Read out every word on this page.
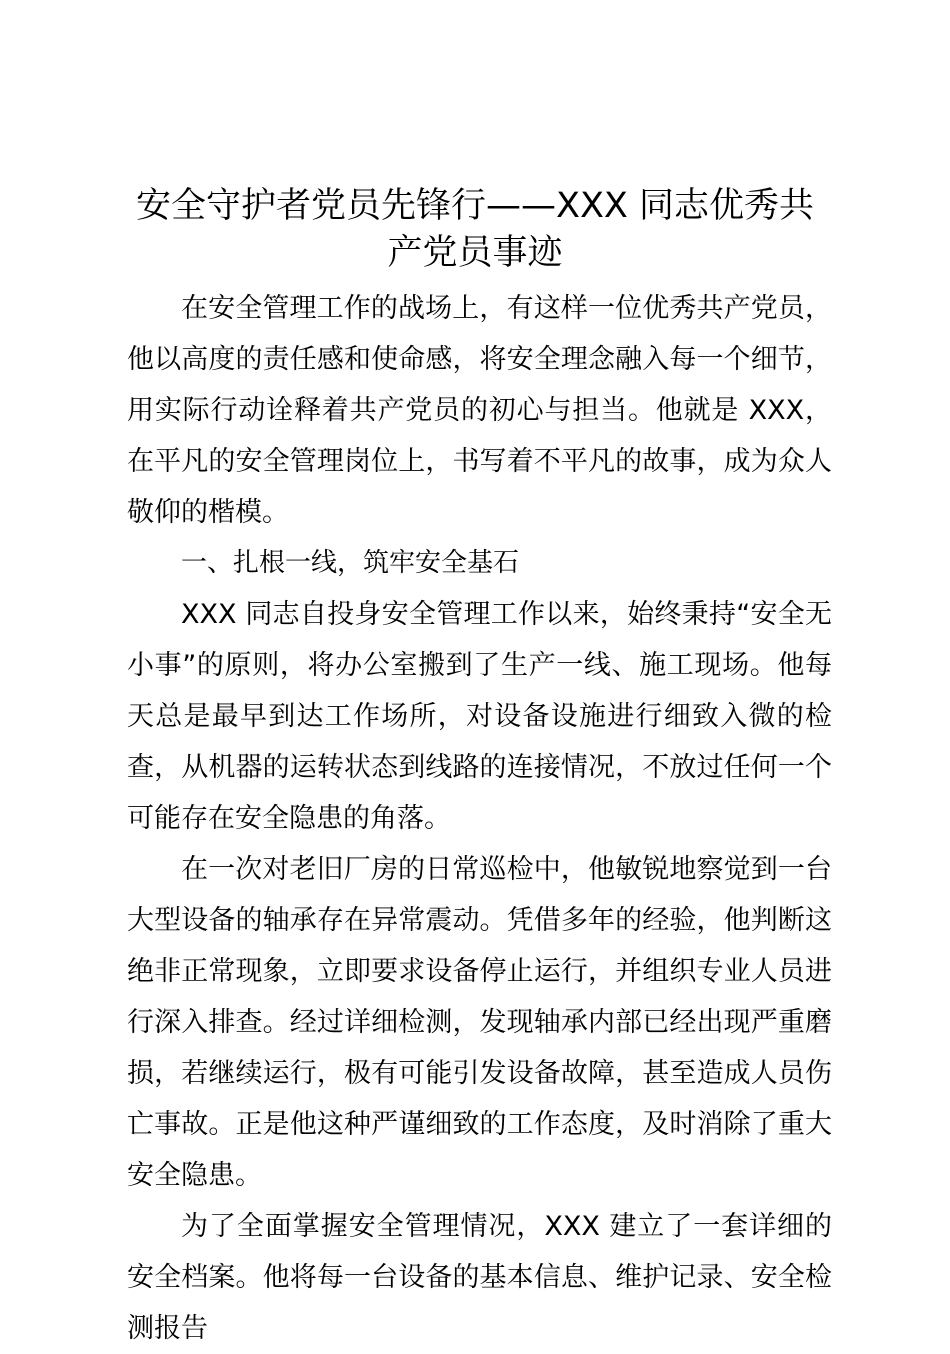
安全守护者党员先锋行——XXX 同志优秀共
产党员事迹

在安全管理工作的战场上，有这样一位优秀共产党员，他以高度的责任感和使命感，将安全理念融入每一个细节，用实际行动诠释着共产党员的初心与担当。他就是 XXX，在平凡的安全管理岗位上，书写着不平凡的故事，成为众人敬仰的楷模。

一、扎根一线，筑牢安全基石

XXX 同志自投身安全管理工作以来，始终秉持“安全无小事”的原则，将办公室搬到了生产一线、施工现场。他每天总是最早到达工作场所，对设备设施进行细致入微的检查，从机器的运转状态到线路的连接情况，不放过任何一个可能存在安全隐患的角落。

在一次对老旧厂房的日常巡检中，他敏锐地察觉到一台大型设备的轴承存在异常震动。凭借多年的经验，他判断这绝非正常现象，立即要求设备停止运行，并组织专业人员进行深入排查。经过详细检测，发现轴承内部已经出现严重磨损，若继续运行，极有可能引发设备故障，甚至造成人员伤亡事故。正是他这种严谨细致的工作态度，及时消除了重大安全隐患。

为了全面掌握安全管理情况，XXX 建立了一套详细的安全档案。他将每一台设备的基本信息、维护记录、安全检测报告
